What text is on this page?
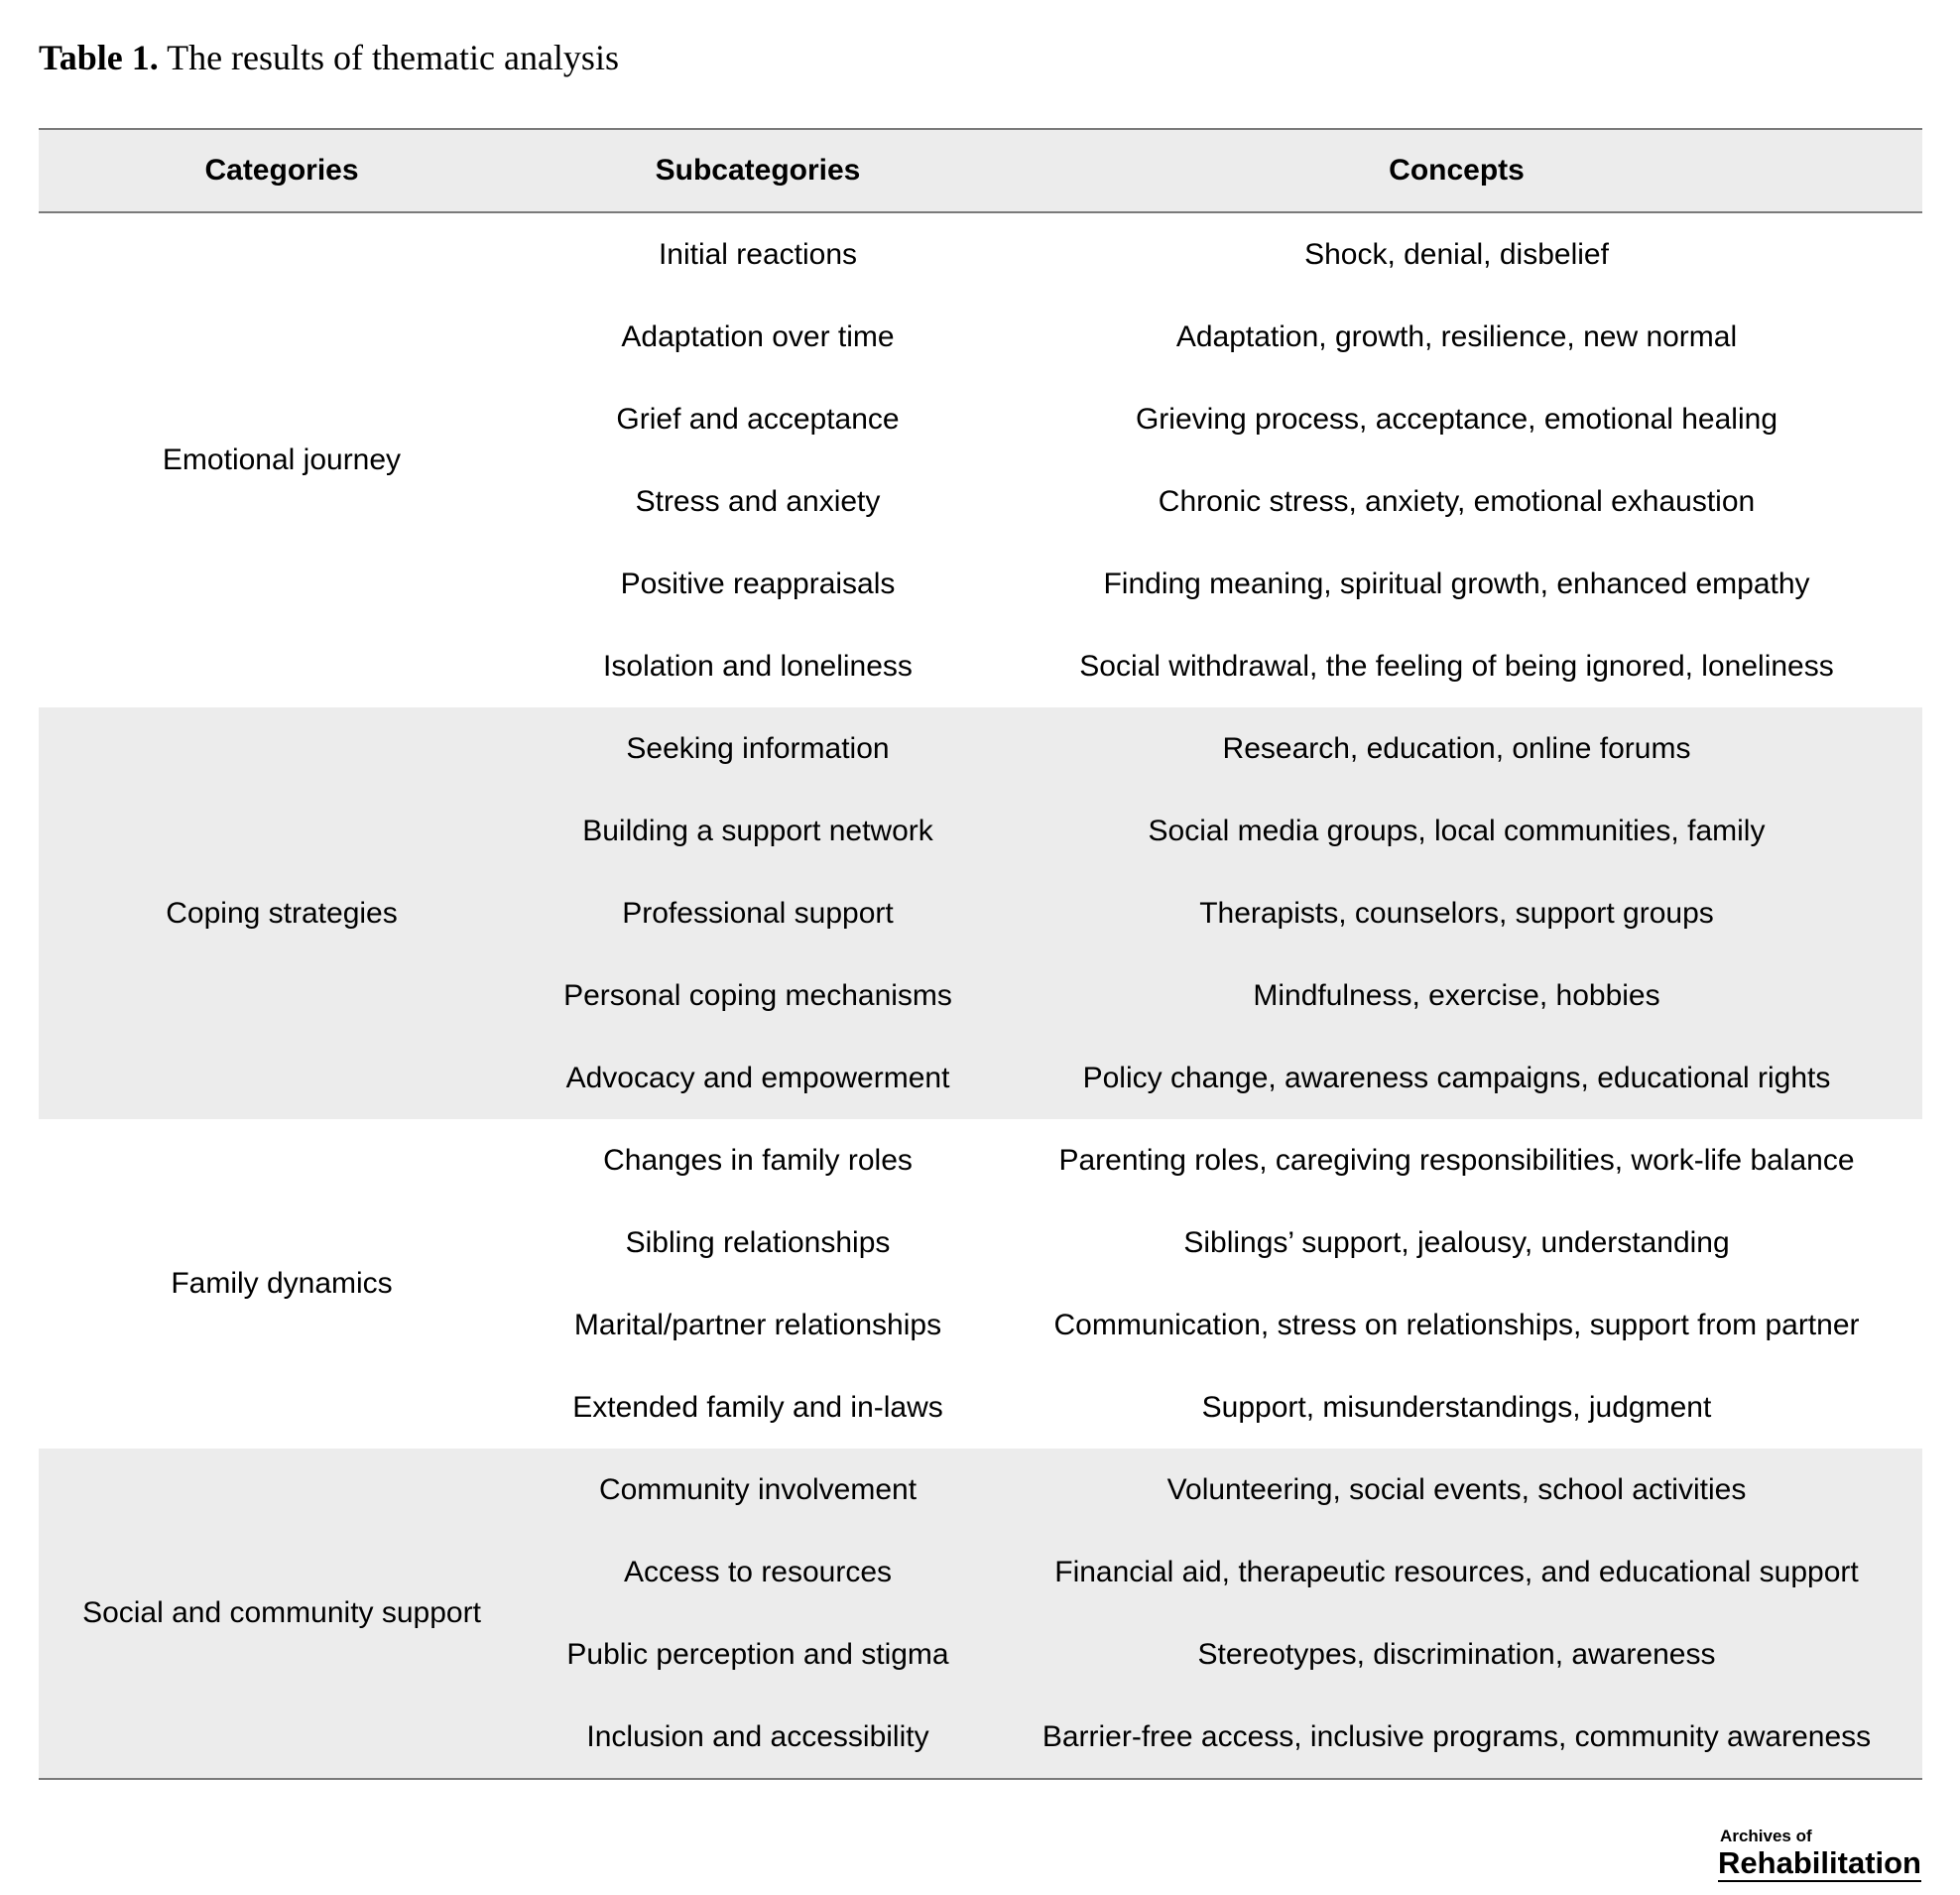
Table 1. The results of thematic analysis
Categories	Subcategories	Concepts
Emotional journey	Initial reactions	Shock, denial, disbelief
	Adaptation over time	Adaptation, growth, resilience, new normal
	Grief and acceptance	Grieving process, acceptance, emotional healing
	Stress and anxiety	Chronic stress, anxiety, emotional exhaustion
	Positive reappraisals	Finding meaning, spiritual growth, enhanced empathy
	Isolation and loneliness	Social withdrawal, the feeling of being ignored, loneliness
Coping strategies	Seeking information	Research, education, online forums
	Building a support network	Social media groups, local communities, family
	Professional support	Therapists, counselors, support groups
	Personal coping mechanisms	Mindfulness, exercise, hobbies
	Advocacy and empowerment	Policy change, awareness campaigns, educational rights
Family dynamics	Changes in family roles	Parenting roles, caregiving responsibilities, work-life balance
	Sibling relationships	Siblings’ support, jealousy, understanding
	Marital/partner relationships	Communication, stress on relationships, support from partner
	Extended family and in-laws	Support, misunderstandings, judgment
Social and community support	Community involvement	Volunteering, social events, school activities
	Access to resources	Financial aid, therapeutic resources, and educational support
	Public perception and stigma	Stereotypes, discrimination, awareness
	Inclusion and accessibility	Barrier-free access, inclusive programs, community awareness
Archives of
Rehabilitation
